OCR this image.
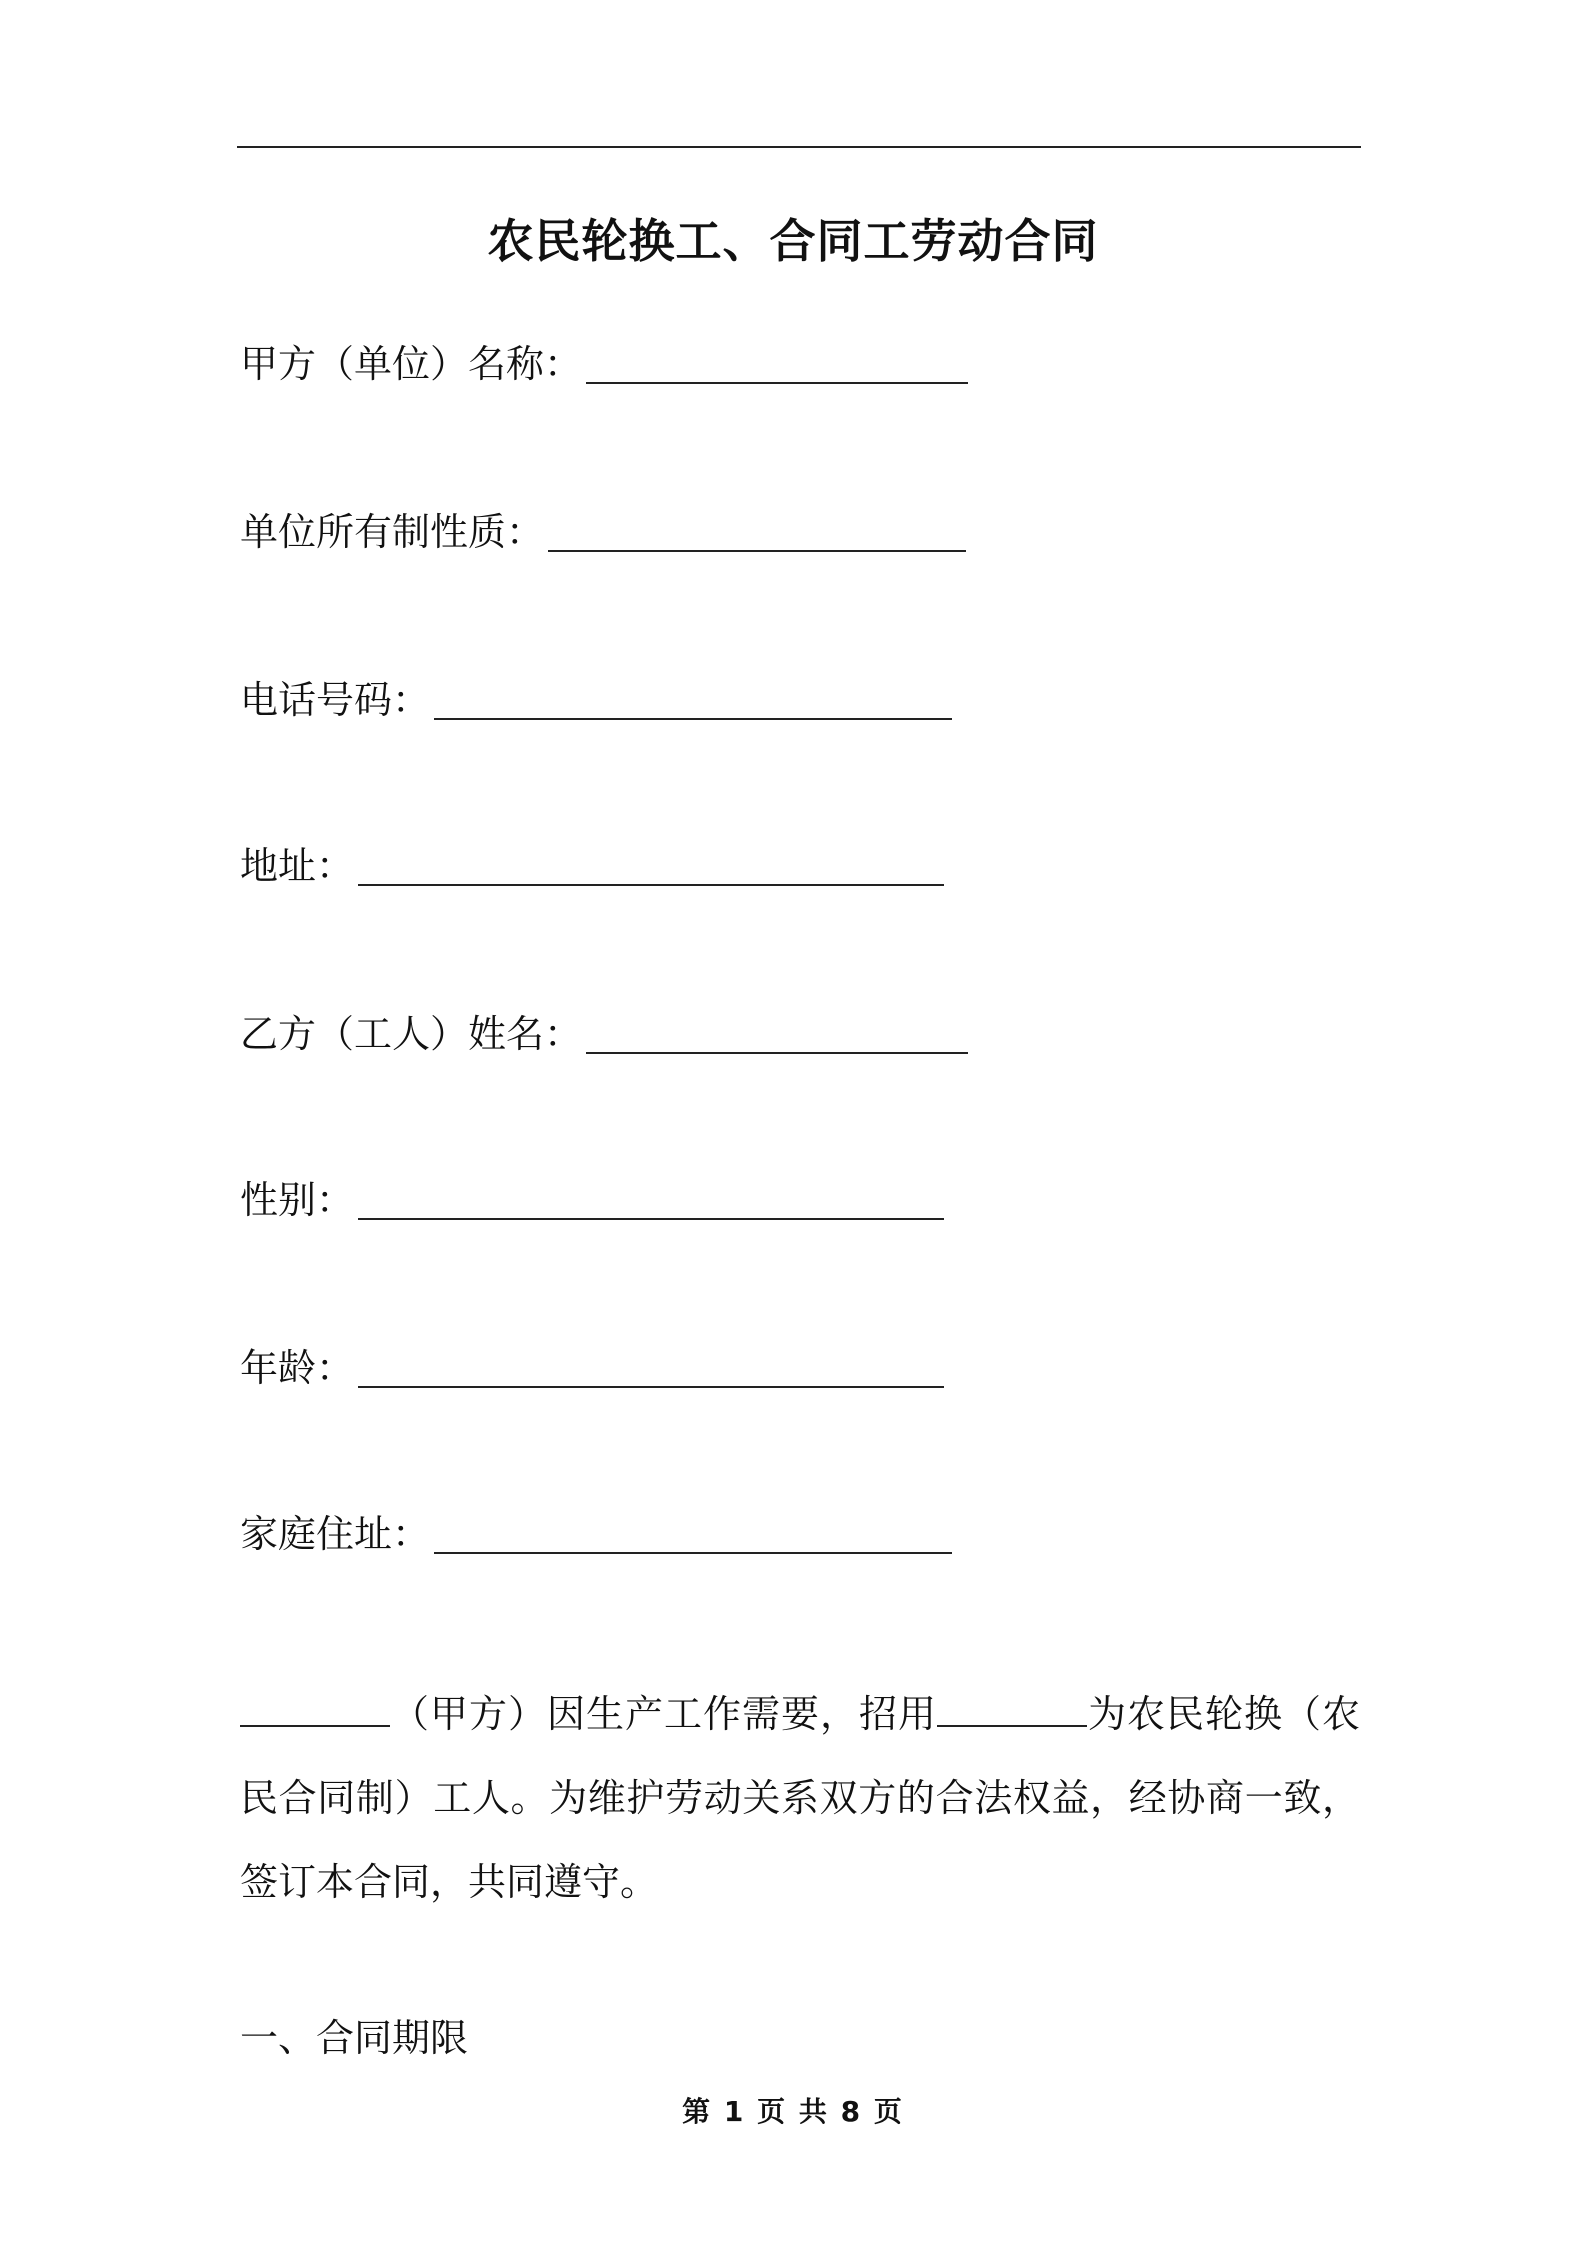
农民轮换工、合同工劳动合同
甲方（单位）名称：
单位所有制性质：
电话号码：
地址：
乙方（工人）姓名：
性别：
年龄：
家庭住址：

（甲方）因生产工作需要，招用	为农民轮换（农民合同制）工人。为维护劳动关系双方的合法权益，经协商一致，签订本合同，共同遵守。

一、合同期限
第 1 页 共 8 页
